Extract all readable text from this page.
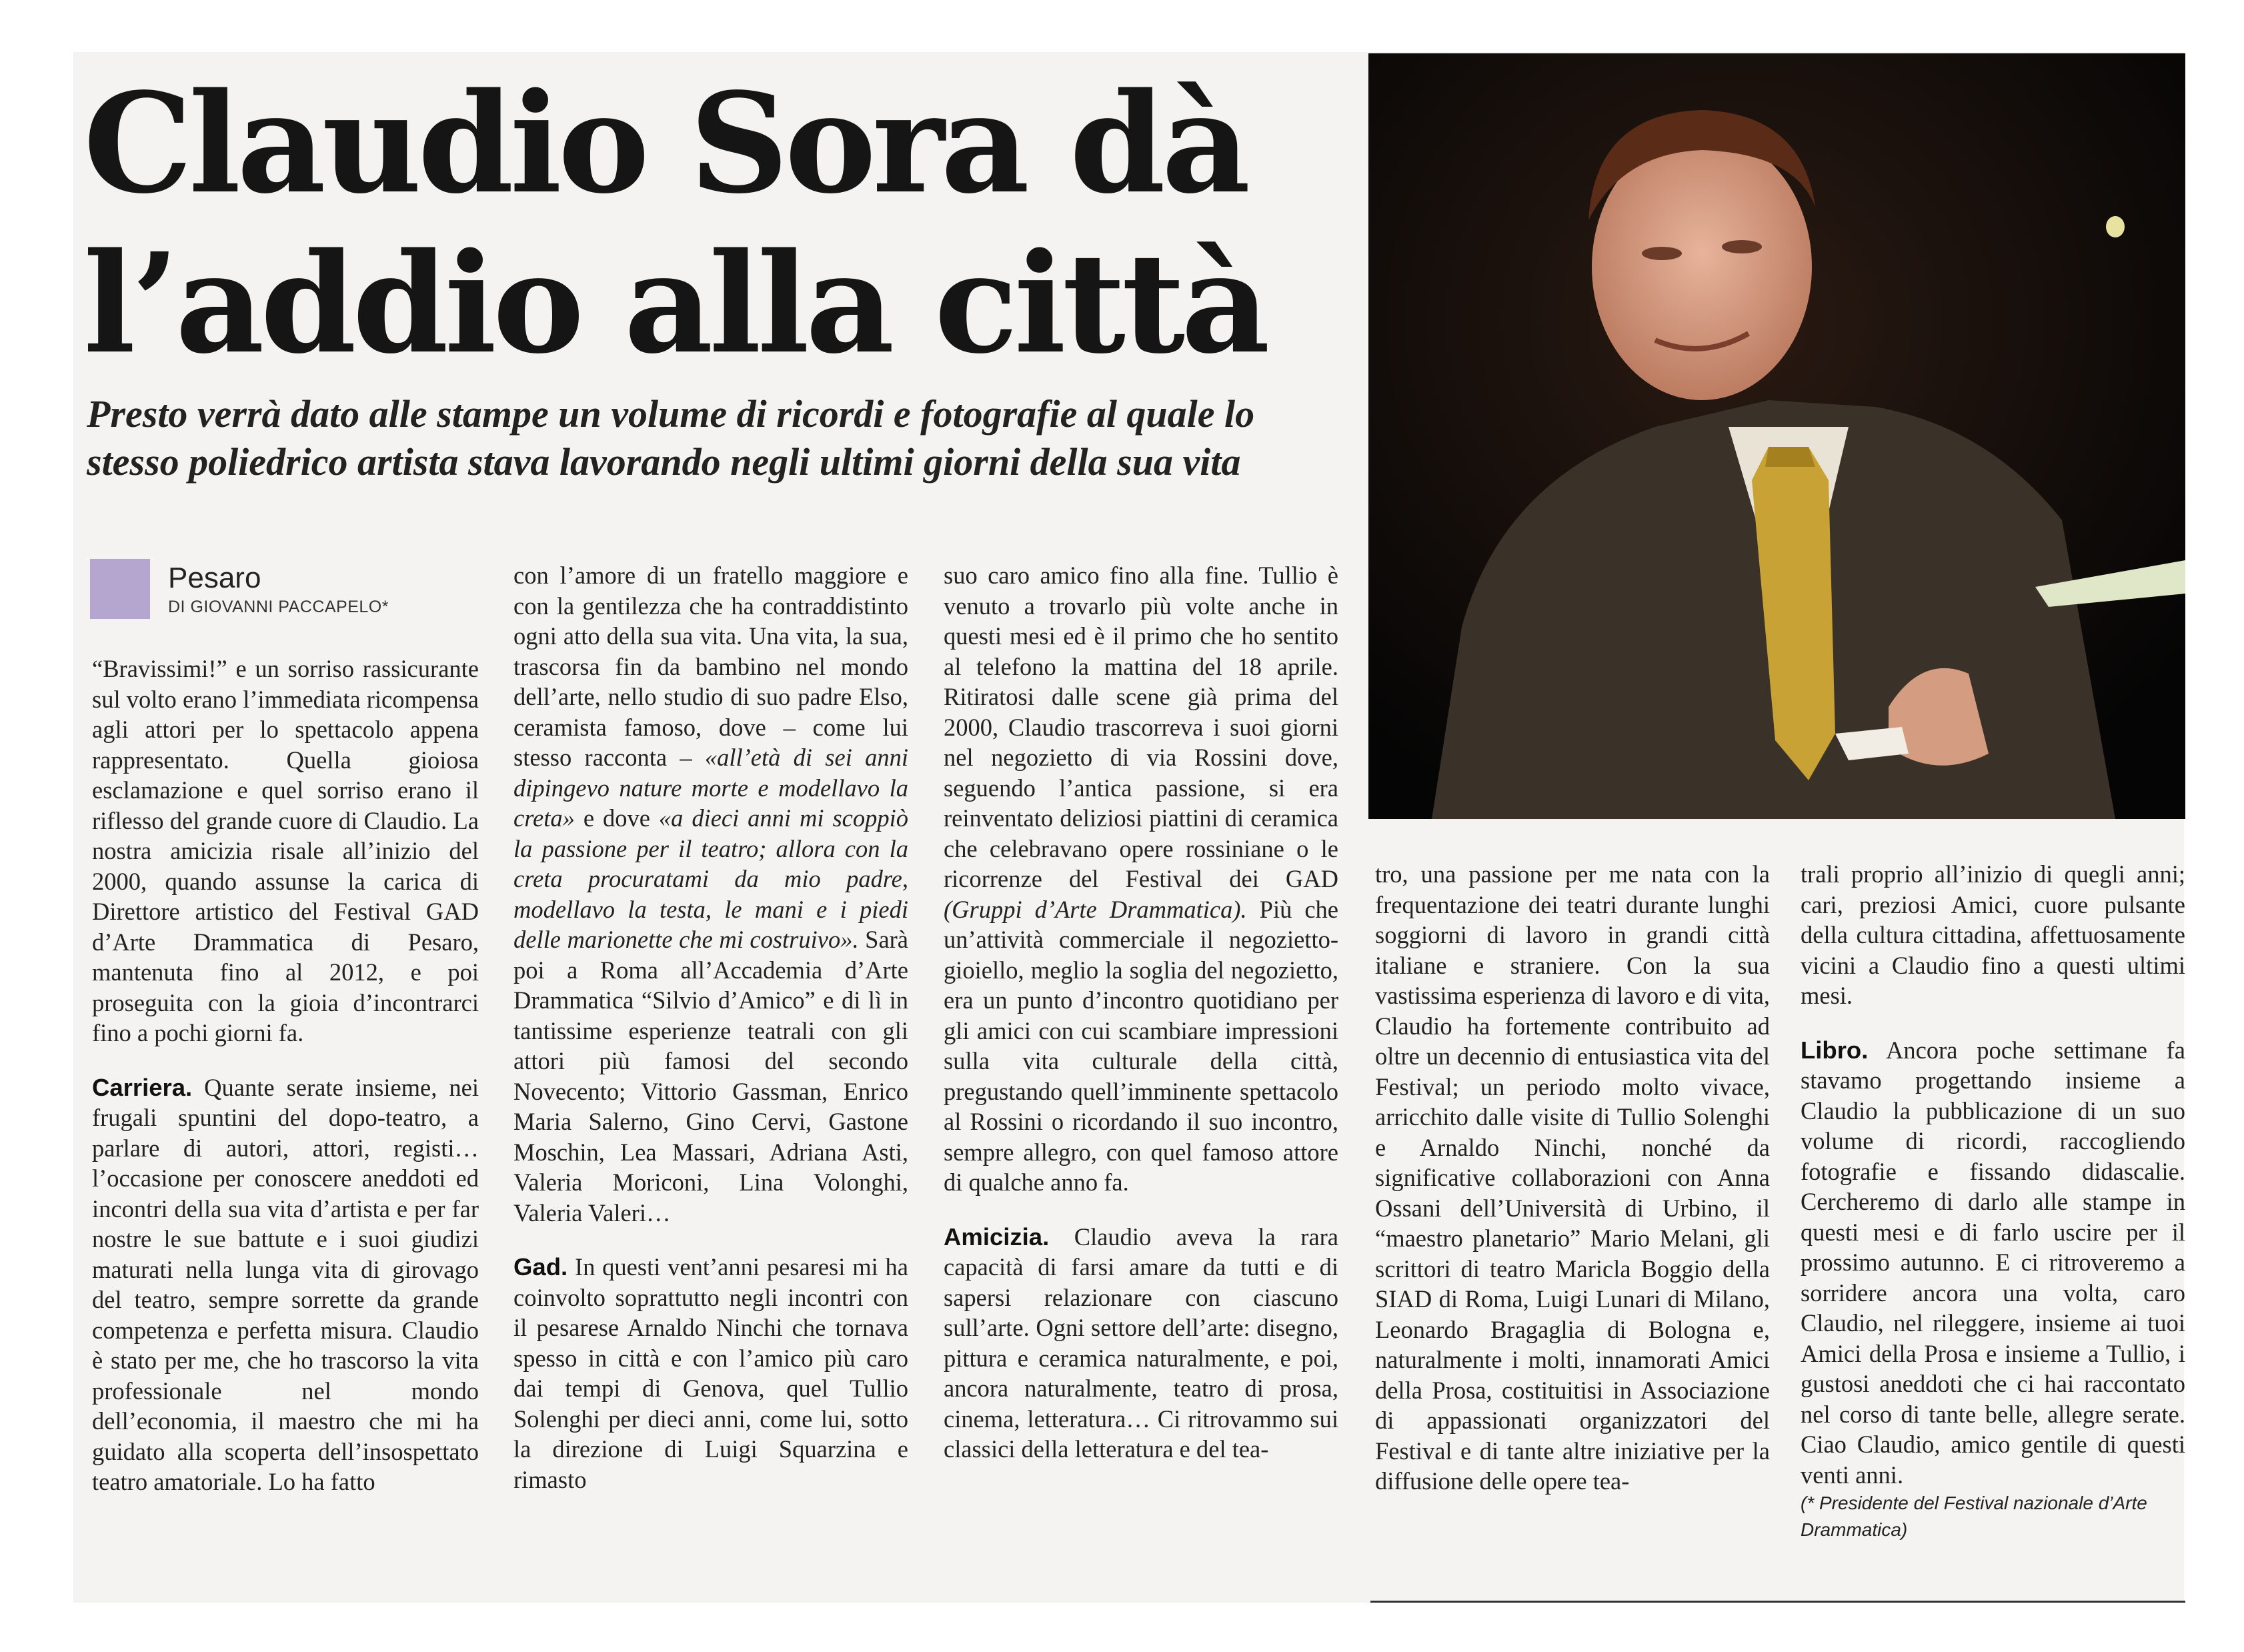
Claudio Sora dà
l’addio alla città
Presto verrà dato alle stampe un volume di ricordi e fotografie al quale lo stesso poliedrico artista stava lavorando negli ultimi giorni della sua vita
Pesaro
DI GIOVANNI PACCAPELO*

“Bravissimi!” e un sorriso rassicurante sul volto erano l’immediata ricompensa agli attori per lo spettacolo appena rappresentato. Quella gioiosa esclamazione e quel sorriso erano il riflesso del grande cuore di Claudio. La nostra amicizia risale all’inizio del 2000, quando assunse la carica di Direttore artistico del Festival GAD d’Arte Drammatica di Pesaro, mantenuta fino al 2012, e poi proseguita con la gioia d’incontrarci fino a pochi giorni fa.

Carriera. Quante serate insieme, nei frugali spuntini del dopo-teatro, a parlare di autori, attori, registi… l’occasione per conoscere aneddoti ed incontri della sua vita d’artista e per far nostre le sue battute e i suoi giudizi maturati nella lunga vita di girovago del teatro, sempre sorrette da grande competenza e perfetta misura. Claudio è stato per me, che ho trascorso la vita professionale nel mondo dell’economia, il maestro che mi ha guidato alla scoperta dell’insospettato teatro amatoriale. Lo ha fatto

con l’amore di un fratello maggiore e con la gentilezza che ha contraddistinto ogni atto della sua vita. Una vita, la sua, trascorsa fin da bambino nel mondo dell’arte, nello studio di suo padre Elso, ceramista famoso, dove – come lui stesso racconta – «all’età di sei anni dipingevo nature morte e modellavo la creta» e dove «a dieci anni mi scoppiò la passione per il teatro; allora con la creta procuratami da mio padre, modellavo la testa, le mani e i piedi delle marionette che mi costruivo». Sarà poi a Roma all’Accademia d’Arte Drammatica “Silvio d’Amico” e di lì in tantissime esperienze teatrali con gli attori più famosi del secondo Novecento; Vittorio Gassman, Enrico Maria Salerno, Gino Cervi, Gastone Moschin, Lea Massari, Adriana Asti, Valeria Moriconi, Lina Volonghi, Valeria Valeri…

Gad. In questi vent’anni pesaresi mi ha coinvolto soprattutto negli incontri con il pesarese Arnaldo Ninchi che tornava spesso in città e con l’amico più caro dai tempi di Genova, quel Tullio Solenghi per dieci anni, come lui, sotto la direzione di Luigi Squarzina e rimasto

suo caro amico fino alla fine. Tullio è venuto a trovarlo più volte anche in questi mesi ed è il primo che ho sentito al telefono la mattina del 18 aprile. Ritiratosi dalle scene già prima del 2000, Claudio trascorreva i suoi giorni nel negozietto di via Rossini dove, seguendo l’antica passione, si era reinventato deliziosi piattini di ceramica che celebravano opere rossiniane o le ricorrenze del Festival dei GAD (Gruppi d’Arte Drammatica). Più che un’attività commerciale il negozietto-gioiello, meglio la soglia del negozietto, era un punto d’incontro quotidiano per gli amici con cui scambiare impressioni sulla vita culturale della città, pregustando quell’imminente spettacolo al Rossini o ricordando il suo incontro, sempre allegro, con quel famoso attore di qualche anno fa.

Amicizia. Claudio aveva la rara capacità di farsi amare da tutti e di sapersi relazionare con ciascuno sull’arte. Ogni settore dell’arte: disegno, pittura e ceramica naturalmente, e poi, ancora naturalmente, teatro di prosa, cinema, letteratura… Ci ritrovammo sui classici della letteratura e del tea-

tro, una passione per me nata con la frequentazione dei teatri durante lunghi soggiorni di lavoro in grandi città italiane e straniere. Con la sua vastissima esperienza di lavoro e di vita, Claudio ha fortemente contribuito ad oltre un decennio di entusiastica vita del Festival; un periodo molto vivace, arricchito dalle visite di Tullio Solenghi e Arnaldo Ninchi, nonché da significative collaborazioni con Anna Ossani dell’Università di Urbino, il “maestro planetario” Mario Melani, gli scrittori di teatro Maricla Boggio della SIAD di Roma, Luigi Lunari di Milano, Leonardo Bragaglia di Bologna e, naturalmente i molti, innamorati Amici della Prosa, costituitisi in Associazione di appassionati organizzatori del Festival e di tante altre iniziative per la diffusione delle opere tea-

trali proprio all’inizio di quegli anni; cari, preziosi Amici, cuore pulsante della cultura cittadina, affettuosamente vicini a Claudio fino a questi ultimi mesi.

Libro. Ancora poche settimane fa stavamo progettando insieme a Claudio la pubblicazione di un suo volume di ricordi, raccogliendo fotografie e fissando didascalie. Cercheremo di darlo alle stampe in questi mesi e di farlo uscire per il prossimo autunno. E ci ritroveremo a sorridere ancora una volta, caro Claudio, nel rileggere, insieme ai tuoi Amici della Prosa e insieme a Tullio, i gustosi aneddoti che ci hai raccontato nel corso di tante belle, allegre serate. Ciao Claudio, amico gentile di questi venti anni.

(* Presidente del Festival nazionale d’Arte Drammatica)
